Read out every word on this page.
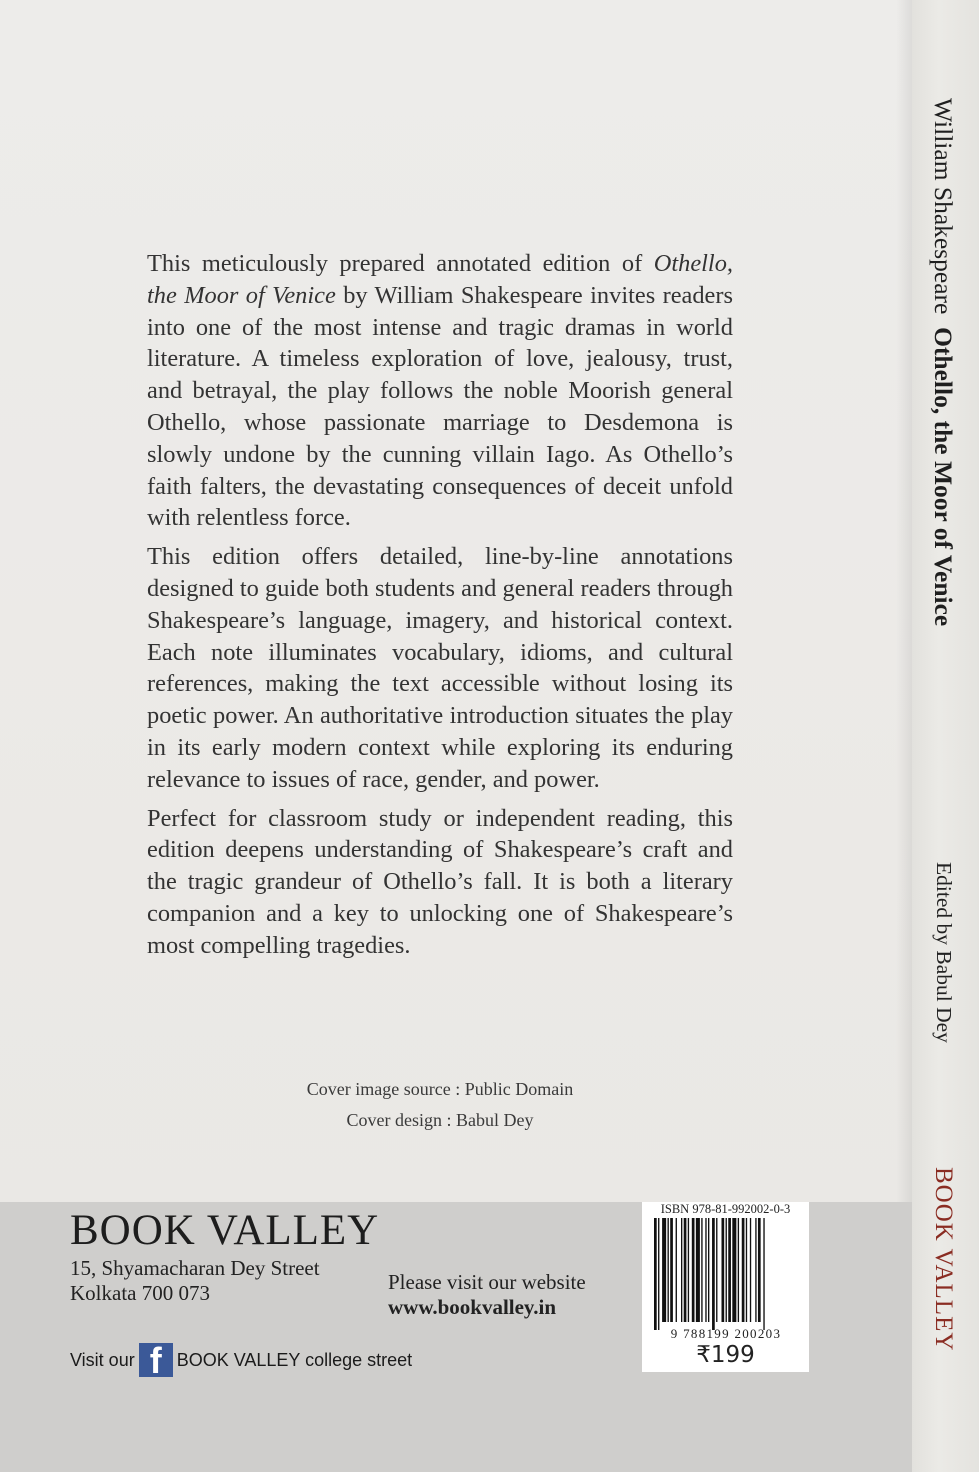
This meticulously prepared annotated edition of Othello, the Moor of Venice by William Shakespeare invites readers into one of the most intense and tragic dramas in world literature. A timeless exploration of love, jealousy, trust, and betrayal, the play follows the noble Moorish general Othello, whose passionate marriage to Desdemona is slowly undone by the cunning villain Iago. As Othello’s faith falters, the devastating consequences of deceit unfold with relentless force.

This edition offers detailed, line-by-line annotations designed to guide both students and general readers through Shakespeare’s language, imagery, and historical context. Each note illuminates vocabulary, idioms, and cultural references, making the text accessible without losing its poetic power. An authoritative introduction situates the play in its early modern context while exploring its enduring relevance to issues of race, gender, and power.

Perfect for classroom study or independent reading, this edition deepens understanding of Shakespeare’s craft and the tragic grandeur of Othello’s fall. It is both a literary companion and a key to unlocking one of Shakespeare’s most compelling tragedies.

Cover image source : Public Domain
Cover design : Babul Dey
BOOK VALLEY
15, Shyamacharan Dey Street
Kolkata 700 073	Please visit our website
www.bookvalley.in
Visit our f BOOK VALLEY college street
ISBN 978-81-992002-0-3
9 788199 200203
₹199
William Shakespeare  Othello, the Moor of Venice
Edited by Babul Dey
BOOK VALLEY
